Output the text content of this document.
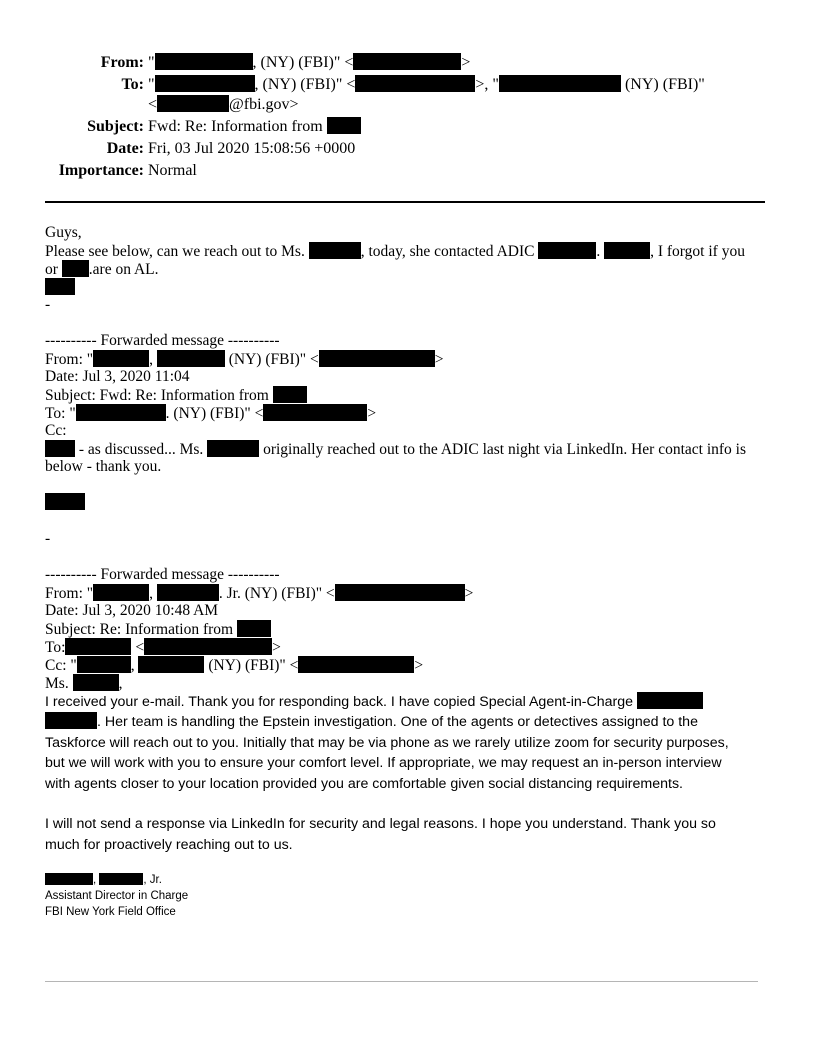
From: "	, (NY) (FBI)" <	>
To: "	, (NY) (FBI)" <	>, "	(NY) (FBI)"
<	@fbi.gov>
Subject: Fwd: Re: Information from
Date: Fri, 03 Jul 2020 15:08:56 +0000
Importance: Normal
Guys,
Please see below, can we reach out to Ms.	, today, she contacted ADIC	.	, I forgot if you
or .are on AL.
-
---------- Forwarded message ----------
From: "	,	(NY) (FBI)" <	>
Date: Jul 3, 2020 11:04
Subject: Fwd: Re: Information from
To: "	. (NY) (FBI)" <	>
Cc:
- as discussed... Ms.	originally reached out to the ADIC last night via LinkedIn. Her contact info is
below - thank you.
-
---------- Forwarded message ----------
From: "	,	. Jr. (NY) (FBI)" <	>
Date: Jul 3, 2020 10:48 AM
Subject: Re: Information from
To:	<	>
Cc: "	,	(NY) (FBI)" <	>
Ms.	,
I received your e-mail. Thank you for responding back. I have copied Special Agent-in-Charge
. Her team is handling the Epstein investigation. One of the agents or detectives assigned to the
Taskforce will reach out to you. Initially that may be via phone as we rarely utilize zoom for security purposes,
but we will work with you to ensure your comfort level. If appropriate, we may request an in-person interview
with agents closer to your location provided you are comfortable given social distancing requirements.
I will not send a response via LinkedIn for security and legal reasons. I hope you understand. Thank you so
much for proactively reaching out to us.
,	, Jr.
Assistant Director in Charge
FBI New York Field Office
